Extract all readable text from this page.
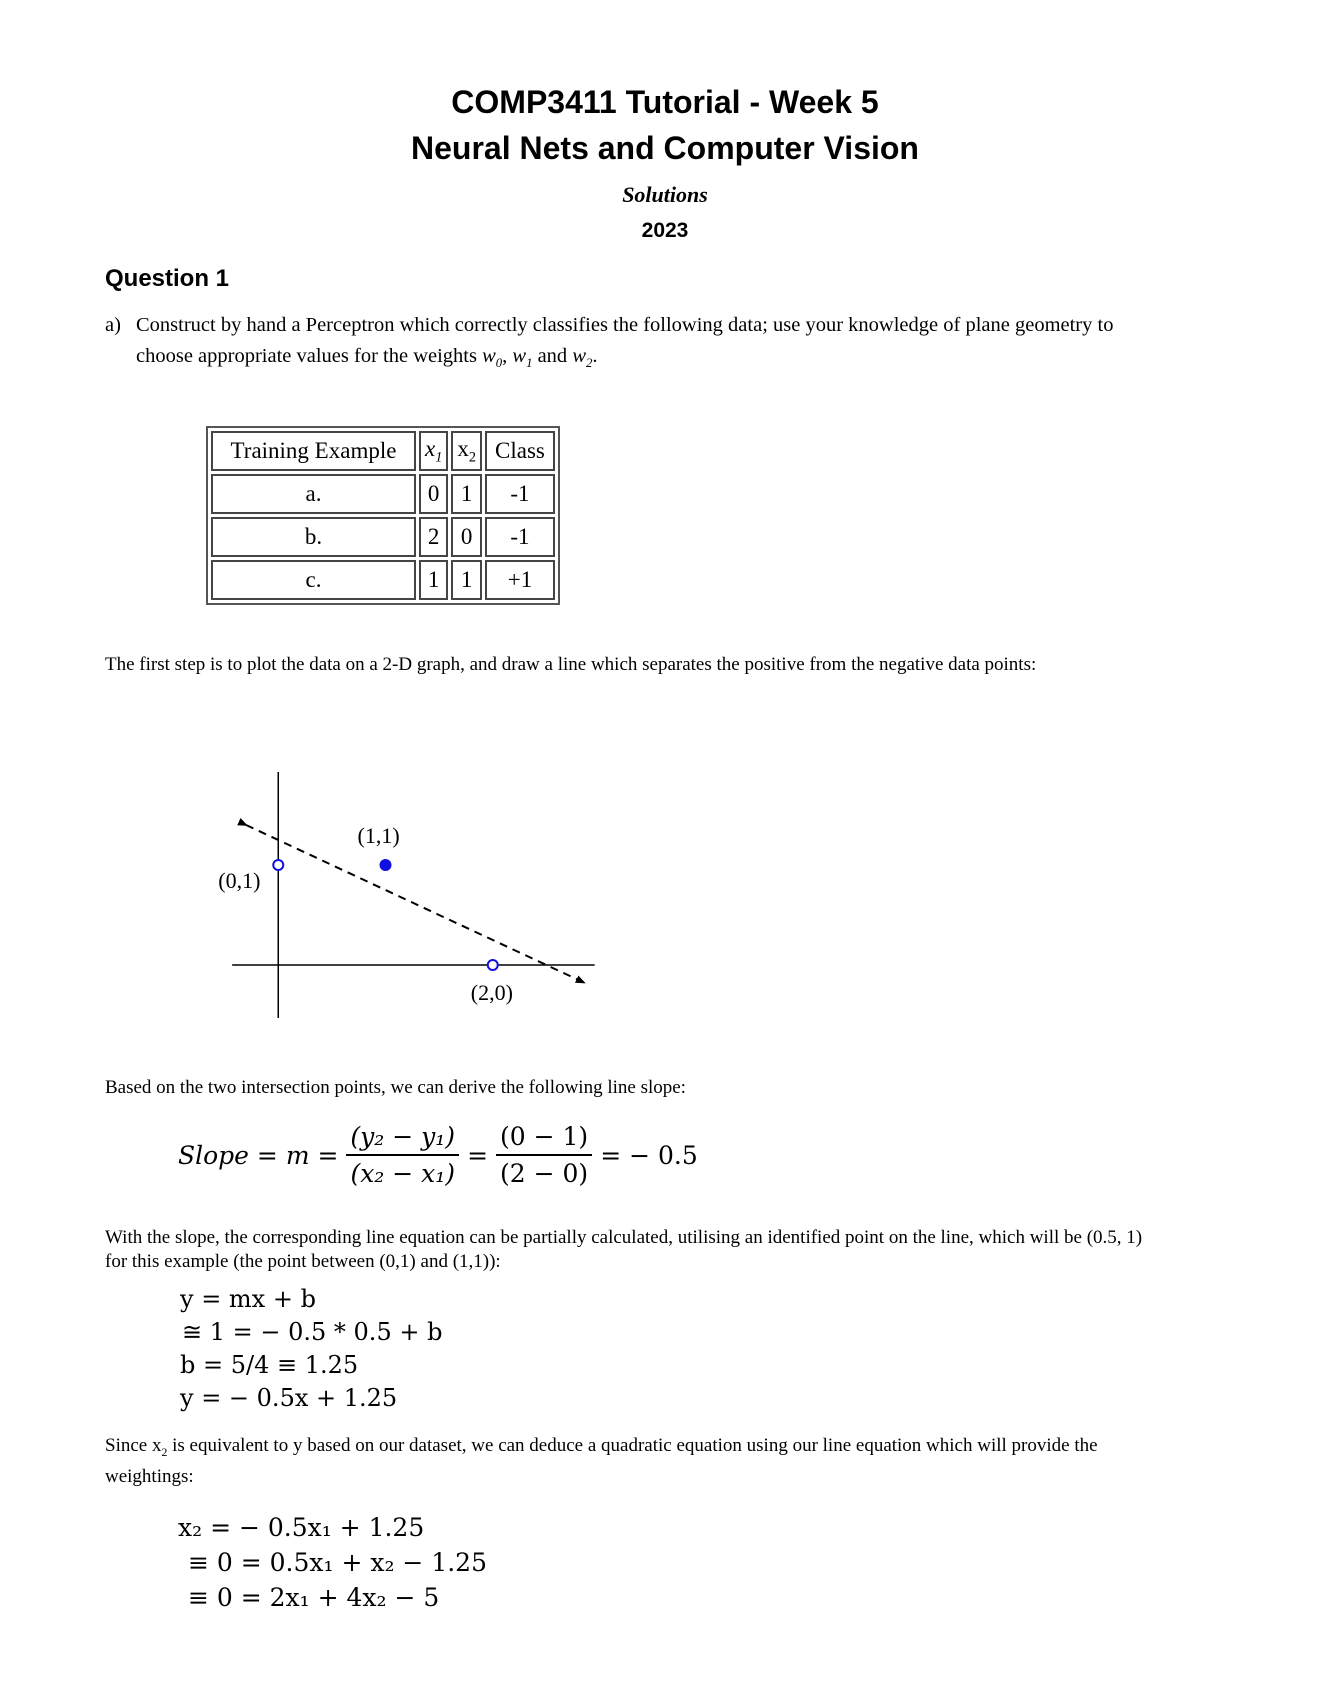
COMP3411 Tutorial - Week 5
Neural Nets and Computer Vision
Solutions
2023
Question 1
a) Construct by hand a Perceptron which correctly classifies the following data; use your knowledge of plane geometry to choose appropriate values for the weights $w_0$, $w_1$ and $w_2$.
Training Example	$x_1$	$x_2$	Class
a.	0	1	-1
b.	2	0	-1
c.	1	1	+1
The first step is to plot the data on a 2-D graph, and draw a line which separates the positive from the negative data points:
(1,1)
(0,1)
(2,0)
Based on the two intersection points, we can derive the following line slope:
Slope = $m = \frac{\text{(y₂ − y₁)}}{\text{(x₂ − x₁)}} = \frac{(0 - 1)}{(2 - 0)}$ = − 0.5
With the slope, the corresponding line equation can be partially calculated, utilising an identified point on the line, which will be (0.5, 1) for this example (the point between (0,1) and (1,1)):
y = mx + b
≅ 1 = − 0.5 * 0.5 + b
b = 5/4 ≡ 1.25
y = − 0.5x + 1.25
Since $x_2$ is equivalent to y based on our dataset, we can deduce a quadratic equation using our line equation which will provide the weightings:
x₂ = − 0.5x₁ + 1.25
≡ 0 = 0.5x₁ + x₂ − 1.25
≡ 0 = 2x₁ + 4x₂ − 5
